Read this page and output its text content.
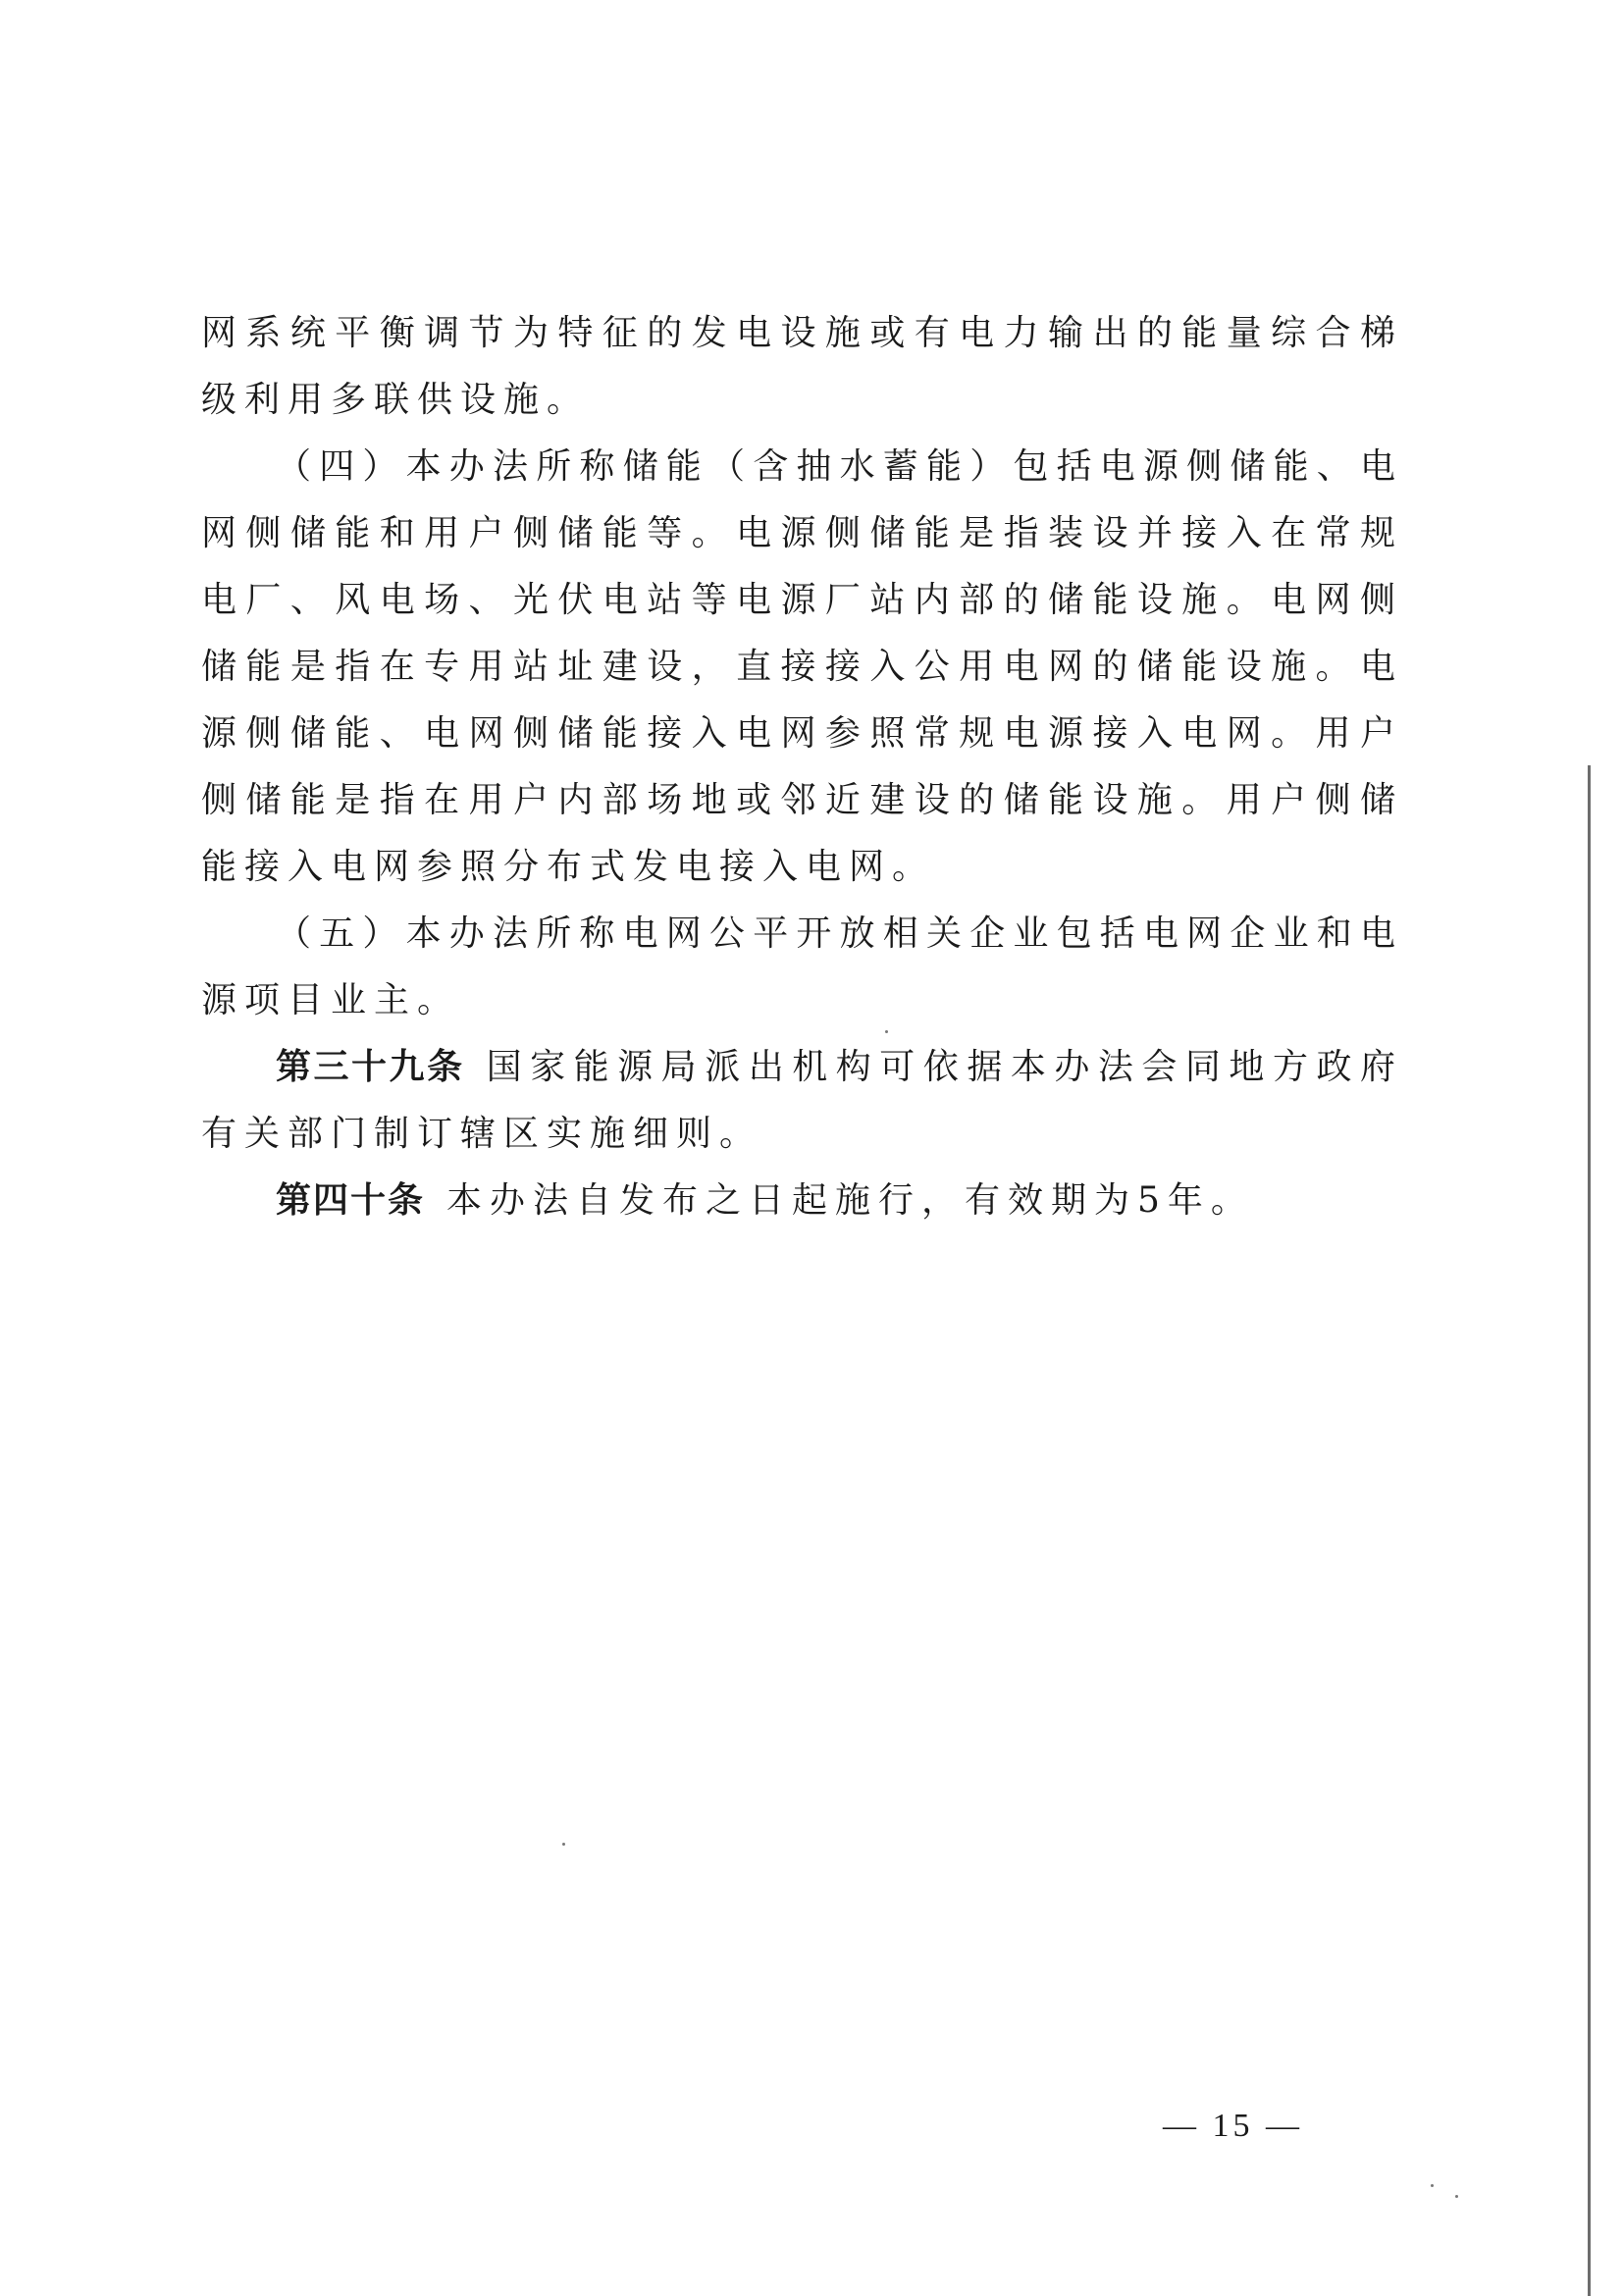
网系统平衡调节为特征的发电设施或有电力输出的能量综合梯级利用多联供设施。

（四）本办法所称储能（含抽水蓄能）包括电源侧储能、电网侧储能和用户侧储能等。电源侧储能是指装设并接入在常规电厂、风电场、光伏电站等电源厂站内部的储能设施。电网侧储能是指在专用站址建设，直接接入公用电网的储能设施。电源侧储能、电网侧储能接入电网参照常规电源接入电网。用户侧储能是指在用户内部场地或邻近建设的储能设施。用户侧储能接入电网参照分布式发电接入电网。

（五）本办法所称电网公平开放相关企业包括电网企业和电源项目业主。

第三十九条 国家能源局派出机构可依据本办法会同地方政府有关部门制订辖区实施细则。

第四十条 本办法自发布之日起施行，有效期为5年。

— 15 —
